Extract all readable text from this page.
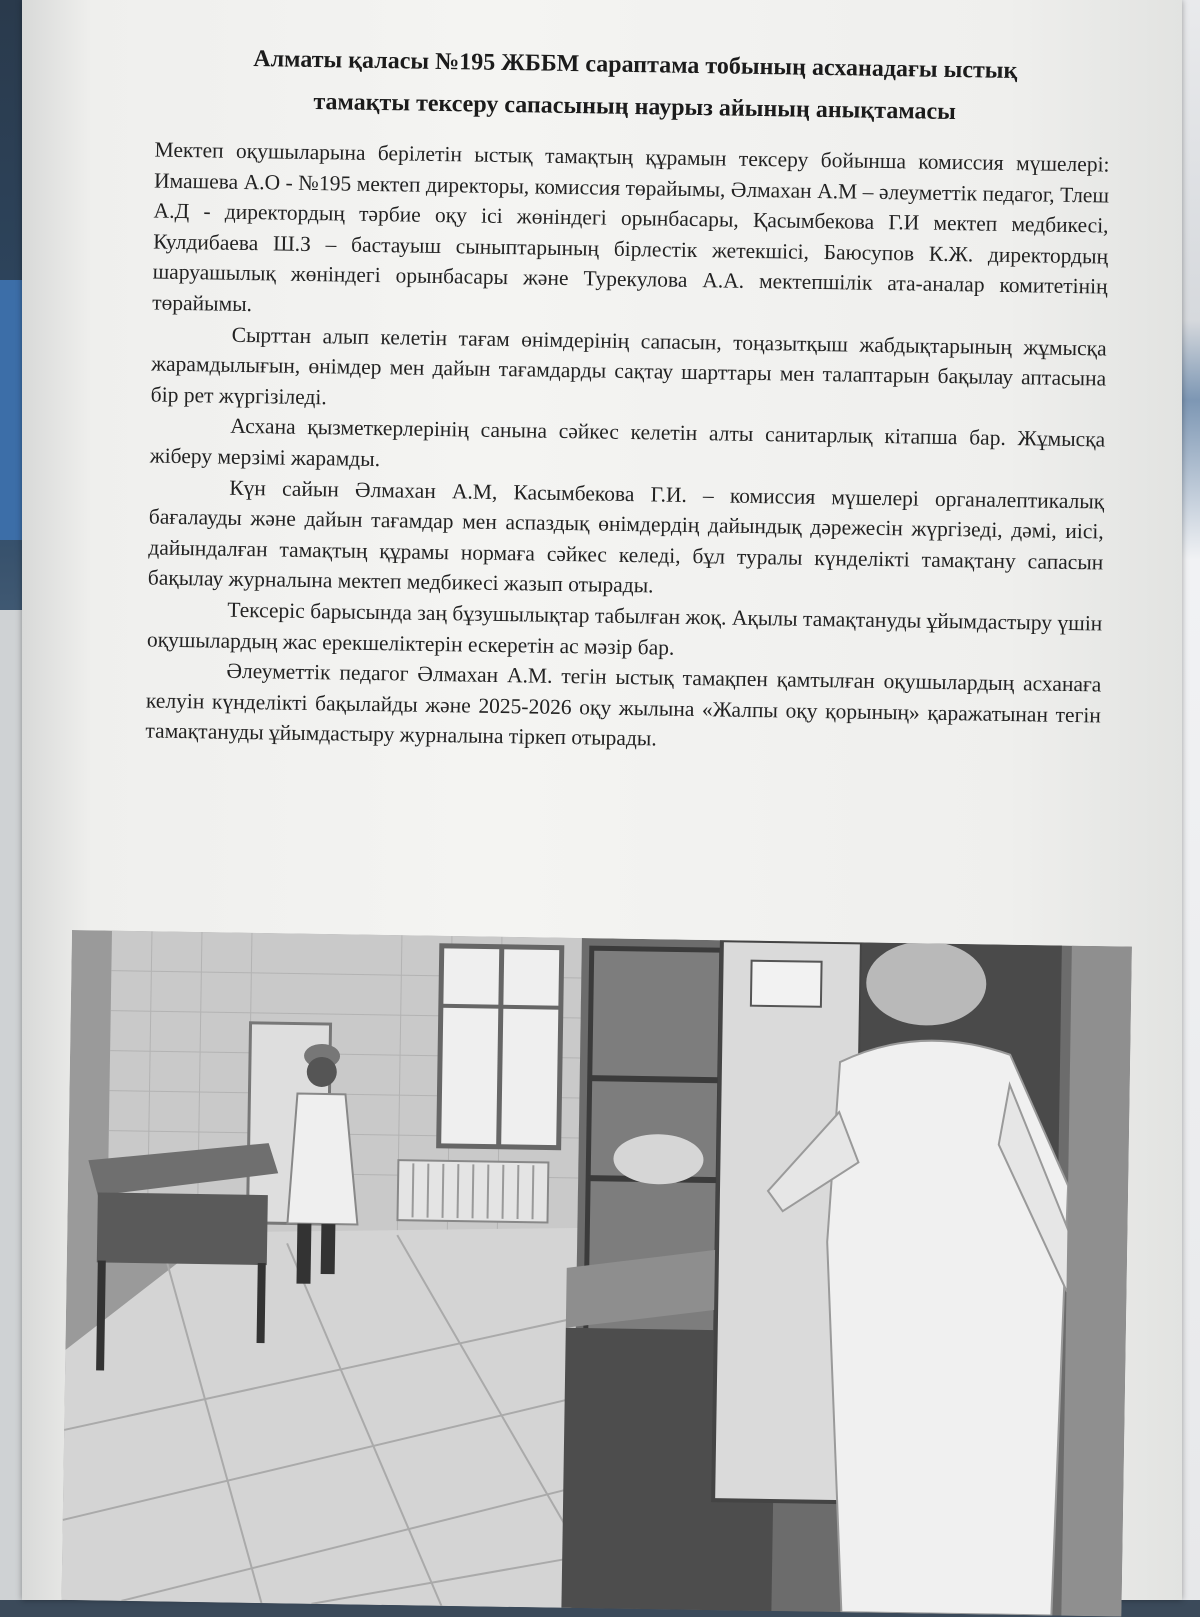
Алматы қаласы №195 ЖББМ сараптама тобының асханадағы ыстық
тамақты тексеру сапасының наурыз айының анықтамасы

Мектеп оқушыларына берілетін ыстық тамақтың құрамын тексеру бойынша комиссия мүшелері: Имашева А.О - №195 мектеп директоры, комиссия төрайымы, Әлмахан А.М – әлеуметтік педагог, Тлеш А.Д - директордың тәрбие оқу ісі жөніндегі орынбасары, Қасымбекова Г.И мектеп медбикесі, Кулдибаева Ш.З – бастауыш сыныптарының бірлестік жетекшісі, Баюсупов К.Ж. директордың шаруашылық жөніндегі орынбасары және Турекулова А.А. мектепшілік ата-аналар комитетінің төрайымы.

Сырттан алып келетін тағам өнімдерінің сапасын, тоңазытқыш жабдықтарының жұмысқа жарамдылығын, өнімдер мен дайын тағамдарды сақтау шарттары мен талаптарын бақылау аптасына бір рет жүргізіледі.

Асхана қызметкерлерінің санына сәйкес келетін алты санитарлық кітапша бар. Жұмысқа жіберу мерзімі жарамды.

Күн сайын Әлмахан А.М, Касымбекова Г.И. – комиссия мүшелері органалептикалық бағалауды және дайын тағамдар мен аспаздық өнімдердің дайындық дәрежесін жүргізеді, дәмі, иісі, дайындалған тамақтың құрамы нормаға сәйкес келеді, бұл туралы күнделікті тамақтану сапасын бақылау журналына мектеп медбикесі жазып отырады.

Тексеріс барысында заң бұзушылықтар табылған жоқ. Ақылы тамақтануды ұйымдастыру үшін оқушылардың жас ерекшеліктерін ескеретін ас мәзір бар.

Әлеуметтік педагог Әлмахан А.М. тегін ыстық тамақпен қамтылған оқушылардың асханаға келуін күнделікті бақылайды және 2025-2026 оқу жылына «Жалпы оқу қорының» қаражатынан тегін тамақтануды ұйымдастыру журналына тіркеп отырады.
